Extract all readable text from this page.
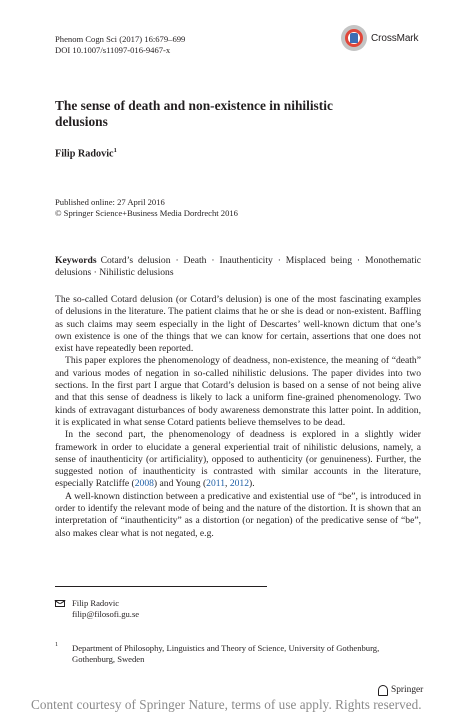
Phenom Cogn Sci (2017) 16:679–699
DOI 10.1007/s11097-016-9467-x
CrossMark
The sense of death and non-existence in nihilistic delusions
Filip Radovic$^1$
Published online: 27 April 2016
© Springer Science+Business Media Dordrecht 2016
Keywords Cotard’s delusion · Death · Inauthenticity · Misplaced being · Monothematic delusions · Nihilistic delusions

The so-called Cotard delusion (or Cotard’s delusion) is one of the most fascinating examples of delusions in the literature. The patient claims that he or she is dead or non-existent. Baffling as such claims may seem especially in the light of Descartes’ well-known dictum that one’s own existence is one of the things that we can know for certain, assertions that one does not exist have repeatedly been reported.

This paper explores the phenomenology of deadness, non-existence, the meaning of “death” and various modes of negation in so-called nihilistic delusions. The paper divides into two sections. In the first part I argue that Cotard’s delusion is based on a sense of not being alive and that this sense of deadness is likely to lack a uniform fine-grained phenomenology. Two kinds of extravagant disturbances of body awareness demonstrate this latter point. In addition, it is explicated in what sense Cotard patients believe themselves to be dead.

In the second part, the phenomenology of deadness is explored in a slightly wider framework in order to elucidate a general experiential trait of nihilistic delusions, namely, a sense of inauthenticity (or artificiality), opposed to authenticity (or genuineness). Further, the suggested notion of inauthenticity is contrasted with similar accounts in the literature, especially Ratcliffe (2008) and Young (2011, 2012).

A well-known distinction between a predicative and existential use of “be”, is introduced in order to identify the relevant mode of being and the nature of the distortion. It is shown that an interpretation of “inauthenticity” as a distortion (or negation) of the predicative sense of “be”, also makes clear what is not negated, e.g.

Filip Radovic
filip@filosofi.gu.se
1 Department of Philosophy, Linguistics and Theory of Science, University of Gothenburg, Gothenburg, Sweden
Springer
Content courtesy of Springer Nature, terms of use apply. Rights reserved.
